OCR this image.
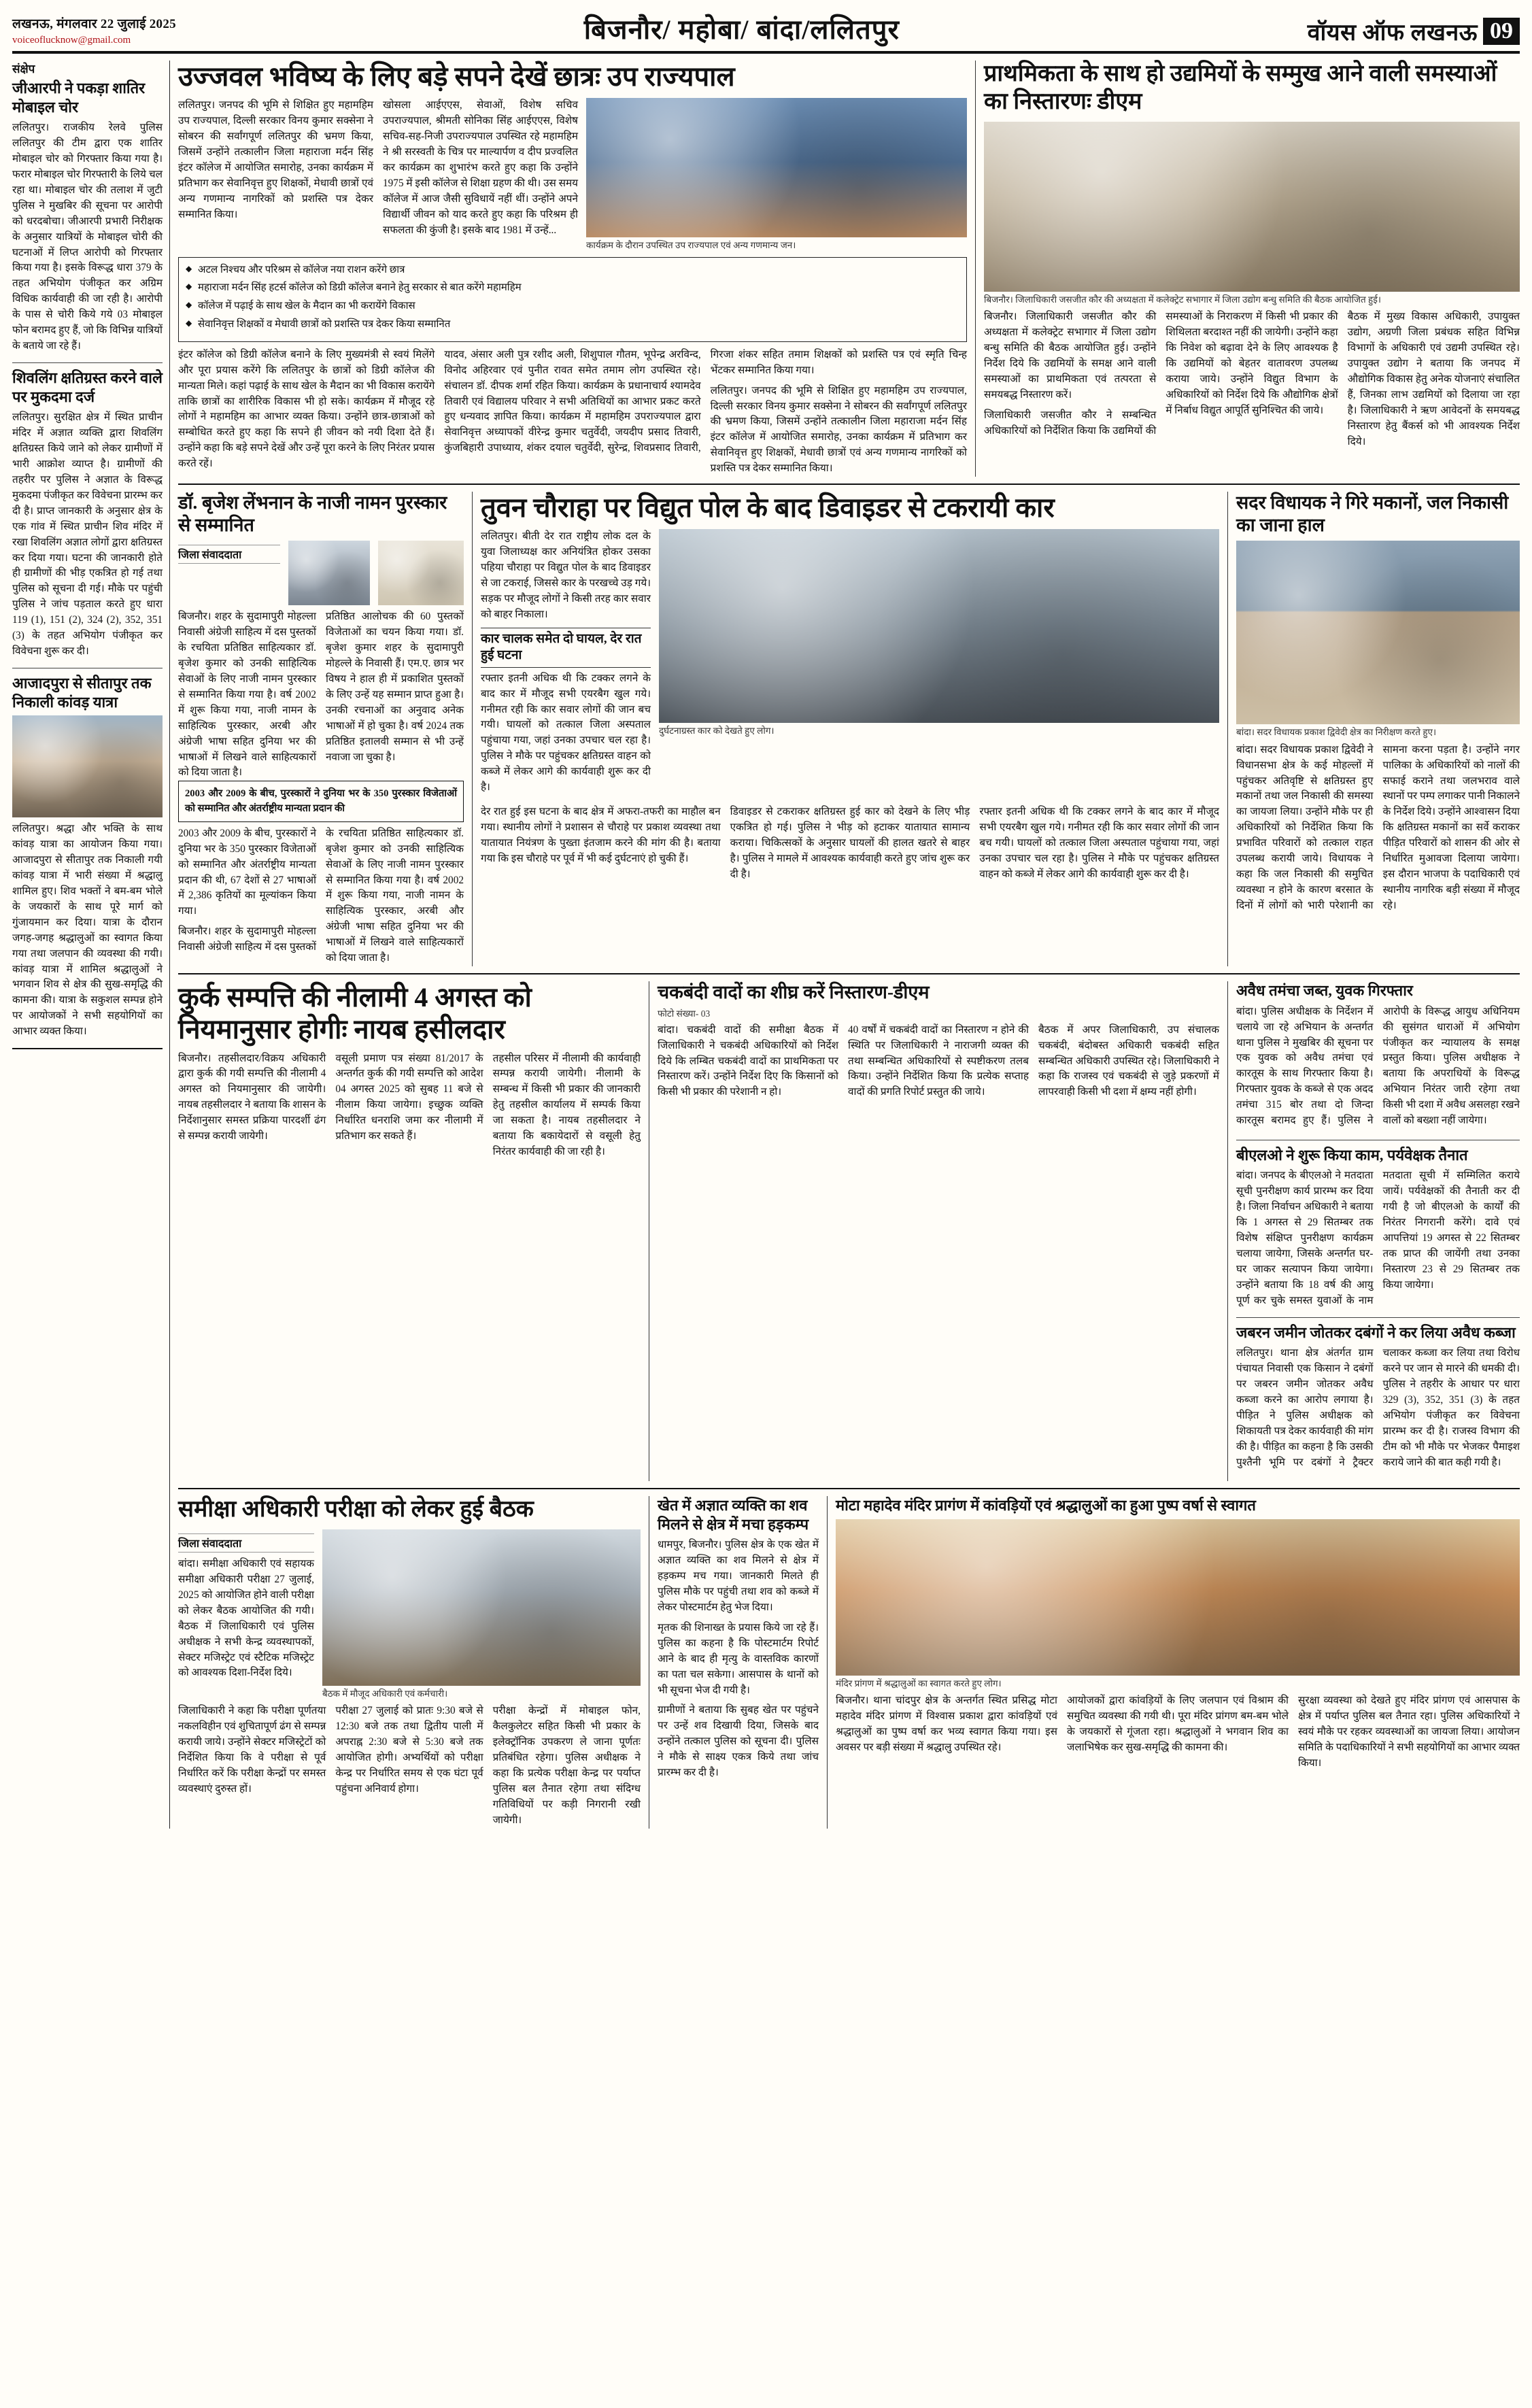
लखनऊ, मंगलवार 22 जुलाई 2025
voiceoflucknow@gmail.com	बिजनौर/ महोबा/ बांदा/ललितपुर	वॉयस ऑफ लखनऊ 09
संक्षेप
जीआरपी ने पकड़ा शातिर मोबाइल चोर

ललितपुर। राजकीय रेलवे पुलिस ललितपुर की टीम द्वारा एक शातिर मोबाइल चोर को गिरफ्तार किया गया है। फरार मोबाइल चोर गिरफ्तारी के लिये चल रहा था। मोबाइल चोर की तलाश में जुटी पुलिस ने मुखबिर की सूचना पर आरोपी को धरदबोचा। जीआरपी प्रभारी निरीक्षक के अनुसार यात्रियों के मोबाइल चोरी की घटनाओं में लिप्त आरोपी को गिरफ्तार किया गया है। इसके विरूद्ध धारा 379 के तहत अभियोग पंजीकृत कर अग्रिम विधिक कार्यवाही की जा रही है। आरोपी के पास से चोरी किये गये 03 मोबाइल फोन बरामद हुए हैं, जो कि विभिन्न यात्रियों के बताये जा रहे हैं।

शिवलिंग क्षतिग्रस्त करने वाले पर मुकदमा दर्ज

ललितपुर। सुरक्षित क्षेत्र में स्थित प्राचीन मंदिर में अज्ञात व्यक्ति द्वारा शिवलिंग क्षतिग्रस्त किये जाने को लेकर ग्रामीणों में भारी आक्रोश व्याप्त है। ग्रामीणों की तहरीर पर पुलिस ने अज्ञात के विरूद्ध मुकदमा पंजीकृत कर विवेचना प्रारम्भ कर दी है। प्राप्त जानकारी के अनुसार क्षेत्र के एक गांव में स्थित प्राचीन शिव मंदिर में रखा शिवलिंग अज्ञात लोगों द्वारा क्षतिग्रस्त कर दिया गया। घटना की जानकारी होते ही ग्रामीणों की भीड़ एकत्रित हो गई तथा पुलिस को सूचना दी गई। मौके पर पहुंची पुलिस ने जांच पड़ताल करते हुए धारा 119 (1), 151 (2), 324 (2), 352, 351 (3) के तहत अभियोग पंजीकृत कर विवेचना शुरू कर दी।

आजादपुरा से सीतापुर तक निकाली कांवड़ यात्रा

ललितपुर। श्रद्धा और भक्ति के साथ कांवड़ यात्रा का आयोजन किया गया। आजादपुरा से सीतापुर तक निकाली गयी कांवड़ यात्रा में भारी संख्या में श्रद्धालु शामिल हुए। शिव भक्तों ने बम-बम भोले के जयकारों के साथ पूरे मार्ग को गुंजायमान कर दिया। यात्रा के दौरान जगह-जगह श्रद्धालुओं का स्वागत किया गया तथा जलपान की व्यवस्था की गयी। कांवड़ यात्रा में शामिल श्रद्धालुओं ने भगवान शिव से क्षेत्र की सुख-समृद्धि की कामना की। यात्रा के सकुशल सम्पन्न होने पर आयोजकों ने सभी सहयोगियों का आभार व्यक्त किया।

उज्जवल भविष्य के लिए बड़े सपने देखें छात्रः उप राज्यपाल

ललितपुर। जनपद की भूमि से शिक्षित हुए महामहिम उप राज्यपाल, दिल्ली सरकार विनय कुमार सक्सेना ने सोबरन की सर्वांगपूर्ण ललितपुर की भ्रमण किया, जिसमें उन्होंने तत्कालीन जिला महाराजा मर्दन सिंह इंटर कॉलेज में आयोजित समारोह, उनका कार्यक्रम में प्रतिभाग कर सेवानिवृत्त हुए शिक्षकों, मेधावी छात्रों एवं अन्य गणमान्य नागरिकों को प्रशस्ति पत्र देकर सम्मानित किया।

खोसला आईएएस, सेवाओं, विशेष सचिव उपराज्यपाल, श्रीमती सोनिका सिंह आईएएस, विशेष सचिव-सह-निजी उपराज्यपाल उपस्थित रहे महामहिम ने श्री सरस्वती के चित्र पर माल्यार्पण व दीप प्रज्वलित कर कार्यक्रम का शुभारंभ करते हुए कहा कि उन्होंने 1975 में इसी कॉलेज से शिक्षा ग्रहण की थी। उस समय कॉलेज में आज जैसी सुविधायें नहीं थीं। उन्होंने अपने विद्यार्थी जीवन को याद करते हुए कहा कि परिश्रम ही सफलता की कुंजी है। इसके बाद 1981 में उन्हें...

कार्यक्रम के दौरान उपस्थित उप राज्यपाल एवं अन्य गणमान्य जन।
◆ अटल निश्चय और परिश्रम से कॉलेज नया राशन करेंगे छात्र
◆ महाराजा मर्दन सिंह हटर्स कॉलेज को डिग्री कॉलेज बनाने हेतु सरकार से बात करेंगे महामहिम
◆ कॉलेज में पढ़ाई के साथ खेल के मैदान का भी करायेंगे विकास
◆ सेवानिवृत्त शिक्षकों व मेधावी छात्रों को प्रशस्ति पत्र देकर किया सम्मानित

इंटर कॉलेज को डिग्री कॉलेज बनाने के लिए मुख्यमंत्री से स्वयं मिलेंगे और पूरा प्रयास करेंगे कि ललितपुर के छात्रों को डिग्री कॉलेज की मान्यता मिले। कहां पढ़ाई के साथ खेल के मैदान का भी विकास करायेंगे ताकि छात्रों का शारीरिक विकास भी हो सके। कार्यक्रम में मौजूद रहे लोगों ने महामहिम का आभार व्यक्त किया। उन्होंने छात्र-छात्राओं को सम्बोधित करते हुए कहा कि सपने ही जीवन को नयी दिशा देते हैं। उन्होंने कहा कि बड़े सपने देखें और उन्हें पूरा करने के लिए निरंतर प्रयास करते रहें।

यादव, अंसार अली पुत्र रशीद अली, शिशुपाल गौतम, भूपेन्द्र अरविन्द, विनोद अहिरवार एवं पुनीत रावत समेत तमाम लोग उपस्थित रहे। संचालन डॉ. दीपक शर्मा रहित किया। कार्यक्रम के प्रधानाचार्य श्यामदेव तिवारी एवं विद्यालय परिवार ने सभी अतिथियों का आभार प्रकट करते हुए धन्यवाद ज्ञापित किया। कार्यक्रम में महामहिम उपराज्यपाल द्वारा सेवानिवृत्त अध्यापकों वीरेन्द्र कुमार चतुर्वेदी, जयदीप प्रसाद तिवारी, कुंजबिहारी उपाध्याय, शंकर दयाल चतुर्वेदी, सुरेन्द्र, शिवप्रसाद तिवारी, गिरजा शंकर सहित तमाम शिक्षकों को प्रशस्ति पत्र एवं स्मृति चिन्ह भेंटकर सम्मानित किया गया।

ललितपुर। जनपद की भूमि से शिक्षित हुए महामहिम उप राज्यपाल, दिल्ली सरकार विनय कुमार सक्सेना ने सोबरन की सर्वांगपूर्ण ललितपुर की भ्रमण किया, जिसमें उन्होंने तत्कालीन जिला महाराजा मर्दन सिंह इंटर कॉलेज में आयोजित समारोह, उनका कार्यक्रम में प्रतिभाग कर सेवानिवृत्त हुए शिक्षकों, मेधावी छात्रों एवं अन्य गणमान्य नागरिकों को प्रशस्ति पत्र देकर सम्मानित किया।

प्राथमिकता के साथ हो उद्यमियों के सम्मुख आने वाली समस्याओं का निस्तारणः डीएम
बिजनौर। जिलाधिकारी जसजीत कौर की अध्यक्षता में कलेक्ट्रेट सभागार में जिला उद्योग बन्धु समिति की बैठक आयोजित हुई।

बिजनौर। जिलाधिकारी जसजीत कौर की अध्यक्षता में कलेक्ट्रेट सभागार में जिला उद्योग बन्धु समिति की बैठक आयोजित हुई। उन्होंने निर्देश दिये कि उद्यमियों के समक्ष आने वाली समस्याओं का प्राथमिकता एवं तत्परता से समयबद्ध निस्तारण करें।

जिलाधिकारी जसजीत कौर ने सम्बन्धित अधिकारियों को निर्देशित किया कि उद्यमियों की समस्याओं के निराकरण में किसी भी प्रकार की शिथिलता बरदाश्त नहीं की जायेगी। उन्होंने कहा कि निवेश को बढ़ावा देने के लिए आवश्यक है कि उद्यमियों को बेहतर वातावरण उपलब्ध कराया जाये। उन्होंने विद्युत विभाग के अधिकारियों को निर्देश दिये कि औद्योगिक क्षेत्रों में निर्बाध विद्युत आपूर्ति सुनिश्चित की जाये।

बैठक में मुख्य विकास अधिकारी, उपायुक्त उद्योग, अग्रणी जिला प्रबंधक सहित विभिन्न विभागों के अधिकारी एवं उद्यमी उपस्थित रहे। उपायुक्त उद्योग ने बताया कि जनपद में औद्योगिक विकास हेतु अनेक योजनाएं संचालित हैं, जिनका लाभ उद्यमियों को दिलाया जा रहा है। जिलाधिकारी ने ऋण आवेदनों के समयबद्ध निस्तारण हेतु बैंकर्स को भी आवश्यक निर्देश दिये।

डॉ. बृजेश लेंभनान के नाजी नामन पुरस्कार से सम्मानित
जिला संवाददाता

बिजनौर। शहर के सुदामापुरी मोहल्ला निवासी अंग्रेजी साहित्य में दस पुस्तकों के रचयिता प्रतिष्ठित साहित्यकार डॉ. बृजेश कुमार को उनकी साहित्यिक सेवाओं के लिए नाजी नामन पुरस्कार से सम्मानित किया गया है। वर्ष 2002 में शुरू किया गया, नाजी नामन के साहित्यिक पुरस्कार, अरबी और अंग्रेजी भाषा सहित दुनिया भर की भाषाओं में लिखने वाले साहित्यकारों को दिया जाता है।

प्रतिष्ठित आलोचक की 60 पुस्तकों विजेताओं का चयन किया गया। डॉ. बृजेश कुमार शहर के सुदामापुरी मोहल्ले के निवासी हैं। एम.ए. छात्र भर विषय ने हाल ही में प्रकाशित पुस्तकों के लिए उन्हें यह सम्मान प्राप्त हुआ है। उनकी रचनाओं का अनुवाद अनेक भाषाओं में हो चुका है। वर्ष 2024 तक प्रतिष्ठित इतालवी सम्मान से भी उन्हें नवाजा जा चुका है।

2003 और 2009 के बीच, पुरस्कारों ने दुनिया भर के 350 पुरस्कार विजेताओं को सम्मानित और अंतर्राष्ट्रीय मान्यता प्रदान की

2003 और 2009 के बीच, पुरस्कारों ने दुनिया भर के 350 पुरस्कार विजेताओं को सम्मानित और अंतर्राष्ट्रीय मान्यता प्रदान की थी, 67 देशों से 27 भाषाओं में 2,386 कृतियों का मूल्यांकन किया गया।

बिजनौर। शहर के सुदामापुरी मोहल्ला निवासी अंग्रेजी साहित्य में दस पुस्तकों के रचयिता प्रतिष्ठित साहित्यकार डॉ. बृजेश कुमार को उनकी साहित्यिक सेवाओं के लिए नाजी नामन पुरस्कार से सम्मानित किया गया है। वर्ष 2002 में शुरू किया गया, नाजी नामन के साहित्यिक पुरस्कार, अरबी और अंग्रेजी भाषा सहित दुनिया भर की भाषाओं में लिखने वाले साहित्यकारों को दिया जाता है।

तुवन चौराहा पर विद्युत पोल के बाद डिवाइडर से टकरायी कार

ललितपुर। बीती देर रात राष्ट्रीय लोक दल के युवा जिलाध्यक्ष कार अनियंत्रित होकर उसका पहिया चौराहा पर विद्युत पोल के बाद डिवाइडर से जा टकराई, जिससे कार के परखच्चे उड़ गये। सड़क पर मौजूद लोगों ने किसी तरह कार सवार को बाहर निकाला।

कार चालक समेत दो घायल, देर रात हुई घटना

रफ्तार इतनी अधिक थी कि टक्कर लगने के बाद कार में मौजूद सभी एयरबैग खुल गये। गनीमत रही कि कार सवार लोगों की जान बच गयी। घायलों को तत्काल जिला अस्पताल पहुंचाया गया, जहां उनका उपचार चल रहा है। पुलिस ने मौके पर पहुंचकर क्षतिग्रस्त वाहन को कब्जे में लेकर आगे की कार्यवाही शुरू कर दी है।

दुर्घटनाग्रस्त कार को देखते हुए लोग।

देर रात हुई इस घटना के बाद क्षेत्र में अफरा-तफरी का माहौल बन गया। स्थानीय लोगों ने प्रशासन से चौराहे पर प्रकाश व्यवस्था तथा यातायात नियंत्रण के पुख्ता इंतजाम करने की मांग की है। बताया गया कि इस चौराहे पर पूर्व में भी कई दुर्घटनाएं हो चुकी हैं।

डिवाइडर से टकराकर क्षतिग्रस्त हुई कार को देखने के लिए भीड़ एकत्रित हो गई। पुलिस ने भीड़ को हटाकर यातायात सामान्य कराया। चिकित्सकों के अनुसार घायलों की हालत खतरे से बाहर है। पुलिस ने मामले में आवश्यक कार्यवाही करते हुए जांच शुरू कर दी है।

रफ्तार इतनी अधिक थी कि टक्कर लगने के बाद कार में मौजूद सभी एयरबैग खुल गये। गनीमत रही कि कार सवार लोगों की जान बच गयी। घायलों को तत्काल जिला अस्पताल पहुंचाया गया, जहां उनका उपचार चल रहा है। पुलिस ने मौके पर पहुंचकर क्षतिग्रस्त वाहन को कब्जे में लेकर आगे की कार्यवाही शुरू कर दी है।

सदर विधायक ने गिरे मकानों, जल निकासी का जाना हाल
बांदा। सदर विधायक प्रकाश द्विवेदी क्षेत्र का निरीक्षण करते हुए।

बांदा। सदर विधायक प्रकाश द्विवेदी ने विधानसभा क्षेत्र के कई मोहल्लों में पहुंचकर अतिवृष्टि से क्षतिग्रस्त हुए मकानों तथा जल निकासी की समस्या का जायजा लिया। उन्होंने मौके पर ही अधिकारियों को निर्देशित किया कि प्रभावित परिवारों को तत्काल राहत उपलब्ध करायी जाये। विधायक ने कहा कि जल निकासी की समुचित व्यवस्था न होने के कारण बरसात के दिनों में लोगों को भारी परेशानी का सामना करना पड़ता है। उन्होंने नगर पालिका के अधिकारियों को नालों की सफाई कराने तथा जलभराव वाले स्थानों पर पम्प लगाकर पानी निकालने के निर्देश दिये। उन्होंने आश्वासन दिया कि क्षतिग्रस्त मकानों का सर्वे कराकर पीड़ित परिवारों को शासन की ओर से निर्धारित मुआवजा दिलाया जायेगा। इस दौरान भाजपा के पदाधिकारी एवं स्थानीय नागरिक बड़ी संख्या में मौजूद रहे।

कुर्क सम्पत्ति की नीलामी 4 अगस्त को नियमानुसार होगीः नायब हसीलदार

बिजनौर। तहसीलदार/विक्रय अधिकारी द्वारा कुर्क की गयी सम्पत्ति की नीलामी 4 अगस्त को नियमानुसार की जायेगी। नायब तहसीलदार ने बताया कि शासन के निर्देशानुसार समस्त प्रक्रिया पारदर्शी ढंग से सम्पन्न करायी जायेगी।

वसूली प्रमाण पत्र संख्या 81/2017 के अन्तर्गत कुर्क की गयी सम्पत्ति को आदेश 04 अगस्त 2025 को सुबह 11 बजे से नीलाम किया जायेगा। इच्छुक व्यक्ति निर्धारित धनराशि जमा कर नीलामी में प्रतिभाग कर सकते हैं।

तहसील परिसर में नीलामी की कार्यवाही सम्पन्न करायी जायेगी। नीलामी के सम्बन्ध में किसी भी प्रकार की जानकारी हेतु तहसील कार्यालय में सम्पर्क किया जा सकता है। नायब तहसीलदार ने बताया कि बकायेदारों से वसूली हेतु निरंतर कार्यवाही की जा रही है।

चकबंदी वादों का शीघ्र करें निस्तारण-डीएम
फोटो संख्या- 03

बांदा। चकबंदी वादों की समीक्षा बैठक में जिलाधिकारी ने चकबंदी अधिकारियों को निर्देश दिये कि लम्बित चकबंदी वादों का प्राथमिकता पर निस्तारण करें। उन्होंने निर्देश दिए कि किसानों को किसी भी प्रकार की परेशानी न हो।

40 वर्षों में चकबंदी वादों का निस्तारण न होने की स्थिति पर जिलाधिकारी ने नाराजगी व्यक्त की तथा सम्बन्धित अधिकारियों से स्पष्टीकरण तलब किया। उन्होंने निर्देशित किया कि प्रत्येक सप्ताह वादों की प्रगति रिपोर्ट प्रस्तुत की जाये।

बैठक में अपर जिलाधिकारी, उप संचालक चकबंदी, बंदोबस्त अधिकारी चकबंदी सहित सम्बन्धित अधिकारी उपस्थित रहे। जिलाधिकारी ने कहा कि राजस्व एवं चकबंदी से जुड़े प्रकरणों में लापरवाही किसी भी दशा में क्षम्य नहीं होगी।

अवैध तमंचा जब्त, युवक गिरफ्तार

बांदा। पुलिस अधीक्षक के निर्देशन में चलाये जा रहे अभियान के अन्तर्गत थाना पुलिस ने मुखबिर की सूचना पर एक युवक को अवैध तमंचा एवं कारतूस के साथ गिरफ्तार किया है। गिरफ्तार युवक के कब्जे से एक अदद तमंचा 315 बोर तथा दो जिन्दा कारतूस बरामद हुए हैं। पुलिस ने आरोपी के विरूद्ध आयुध अधिनियम की सुसंगत धाराओं में अभियोग पंजीकृत कर न्यायालय के समक्ष प्रस्तुत किया। पुलिस अधीक्षक ने बताया कि अपराधियों के विरूद्ध अभियान निरंतर जारी रहेगा तथा किसी भी दशा में अवैध असलहा रखने वालों को बख्शा नहीं जायेगा।

बीएलओ ने शुरू किया काम, पर्यवेक्षक तैनात

बांदा। जनपद के बीएलओ ने मतदाता सूची पुनरीक्षण कार्य प्रारम्भ कर दिया है। जिला निर्वाचन अधिकारी ने बताया कि 1 अगस्त से 29 सितम्बर तक विशेष संक्षिप्त पुनरीक्षण कार्यक्रम चलाया जायेगा, जिसके अन्तर्गत घर-घर जाकर सत्यापन किया जायेगा। उन्होंने बताया कि 18 वर्ष की आयु पूर्ण कर चुके समस्त युवाओं के नाम मतदाता सूची में सम्मिलित कराये जायें। पर्यवेक्षकों की तैनाती कर दी गयी है जो बीएलओ के कार्यों की निरंतर निगरानी करेंगे। दावे एवं आपत्तियां 19 अगस्त से 22 सितम्बर तक प्राप्त की जायेंगी तथा उनका निस्तारण 23 से 29 सितम्बर तक किया जायेगा।

जबरन जमीन जोतकर दबंगों ने कर लिया अवैध कब्जा

ललितपुर। थाना क्षेत्र अंतर्गत ग्राम पंचायत निवासी एक किसान ने दबंगों पर जबरन जमीन जोतकर अवैध कब्जा करने का आरोप लगाया है। पीड़ित ने पुलिस अधीक्षक को शिकायती पत्र देकर कार्यवाही की मांग की है। पीड़ित का कहना है कि उसकी पुश्तैनी भूमि पर दबंगों ने ट्रैक्टर चलाकर कब्जा कर लिया तथा विरोध करने पर जान से मारने की धमकी दी। पुलिस ने तहरीर के आधार पर धारा 329 (3), 352, 351 (3) के तहत अभियोग पंजीकृत कर विवेचना प्रारम्भ कर दी है। राजस्व विभाग की टीम को भी मौके पर भेजकर पैमाइश कराये जाने की बात कही गयी है।

समीक्षा अधिकारी परीक्षा को लेकर हुई बैठक
जिला संवाददाता

बांदा। समीक्षा अधिकारी एवं सहायक समीक्षा अधिकारी परीक्षा 27 जुलाई, 2025 को आयोजित होने वाली परीक्षा को लेकर बैठक आयोजित की गयी। बैठक में जिलाधिकारी एवं पुलिस अधीक्षक ने सभी केन्द्र व्यवस्थापकों, सेक्टर मजिस्ट्रेट एवं स्टैटिक मजिस्ट्रेट को आवश्यक दिशा-निर्देश दिये।

बैठक में मौजूद अधिकारी एवं कर्मचारी।

जिलाधिकारी ने कहा कि परीक्षा पूर्णतया नकलविहीन एवं शुचितापूर्ण ढंग से सम्पन्न करायी जाये। उन्होंने सेक्टर मजिस्ट्रेटों को निर्देशित किया कि वे परीक्षा से पूर्व निर्धारित करें कि परीक्षा केन्द्रों पर समस्त व्यवस्थाएं दुरुस्त हों।

परीक्षा 27 जुलाई को प्रातः 9:30 बजे से 12:30 बजे तक तथा द्वितीय पाली में अपराह्न 2:30 बजे से 5:30 बजे तक आयोजित होगी। अभ्यर्थियों को परीक्षा केन्द्र पर निर्धारित समय से एक घंटा पूर्व पहुंचना अनिवार्य होगा।

परीक्षा केन्द्रों में मोबाइल फोन, कैलकुलेटर सहित किसी भी प्रकार के इलेक्ट्रॉनिक उपकरण ले जाना पूर्णतः प्रतिबंधित रहेगा। पुलिस अधीक्षक ने कहा कि प्रत्येक परीक्षा केन्द्र पर पर्याप्त पुलिस बल तैनात रहेगा तथा संदिग्ध गतिविधियों पर कड़ी निगरानी रखी जायेगी।

खेत में अज्ञात व्यक्ति का शव मिलने से क्षेत्र में मचा हड़कम्प

धामपुर, बिजनौर। पुलिस क्षेत्र के एक खेत में अज्ञात व्यक्ति का शव मिलने से क्षेत्र में हड़कम्प मच गया। जानकारी मिलते ही पुलिस मौके पर पहुंची तथा शव को कब्जे में लेकर पोस्टमार्टम हेतु भेज दिया।

मृतक की शिनाख्त के प्रयास किये जा रहे हैं। पुलिस का कहना है कि पोस्टमार्टम रिपोर्ट आने के बाद ही मृत्यु के वास्तविक कारणों का पता चल सकेगा। आसपास के थानों को भी सूचना भेज दी गयी है।

ग्रामीणों ने बताया कि सुबह खेत पर पहुंचने पर उन्हें शव दिखायी दिया, जिसके बाद उन्होंने तत्काल पुलिस को सूचना दी। पुलिस ने मौके से साक्ष्य एकत्र किये तथा जांच प्रारम्भ कर दी है।

मोटा महादेव मंदिर प्रागंण में कांवड़ियों एवं श्रद्धालुओं का हुआ पुष्प वर्षा से स्वागत
मंदिर प्रांगण में श्रद्धालुओं का स्वागत करते हुए लोग।

बिजनौर। थाना चांदपुर क्षेत्र के अन्तर्गत स्थित प्रसिद्ध मोटा महादेव मंदिर प्रांगण में विश्वास प्रकाश द्वारा कांवड़ियों एवं श्रद्धालुओं का पुष्प वर्षा कर भव्य स्वागत किया गया। इस अवसर पर बड़ी संख्या में श्रद्धालु उपस्थित रहे।

आयोजकों द्वारा कांवड़ियों के लिए जलपान एवं विश्राम की समुचित व्यवस्था की गयी थी। पूरा मंदिर प्रांगण बम-बम भोले के जयकारों से गूंजता रहा। श्रद्धालुओं ने भगवान शिव का जलाभिषेक कर सुख-समृद्धि की कामना की।

सुरक्षा व्यवस्था को देखते हुए मंदिर प्रांगण एवं आसपास के क्षेत्र में पर्याप्त पुलिस बल तैनात रहा। पुलिस अधिकारियों ने स्वयं मौके पर रहकर व्यवस्थाओं का जायजा लिया। आयोजन समिति के पदाधिकारियों ने सभी सहयोगियों का आभार व्यक्त किया।
